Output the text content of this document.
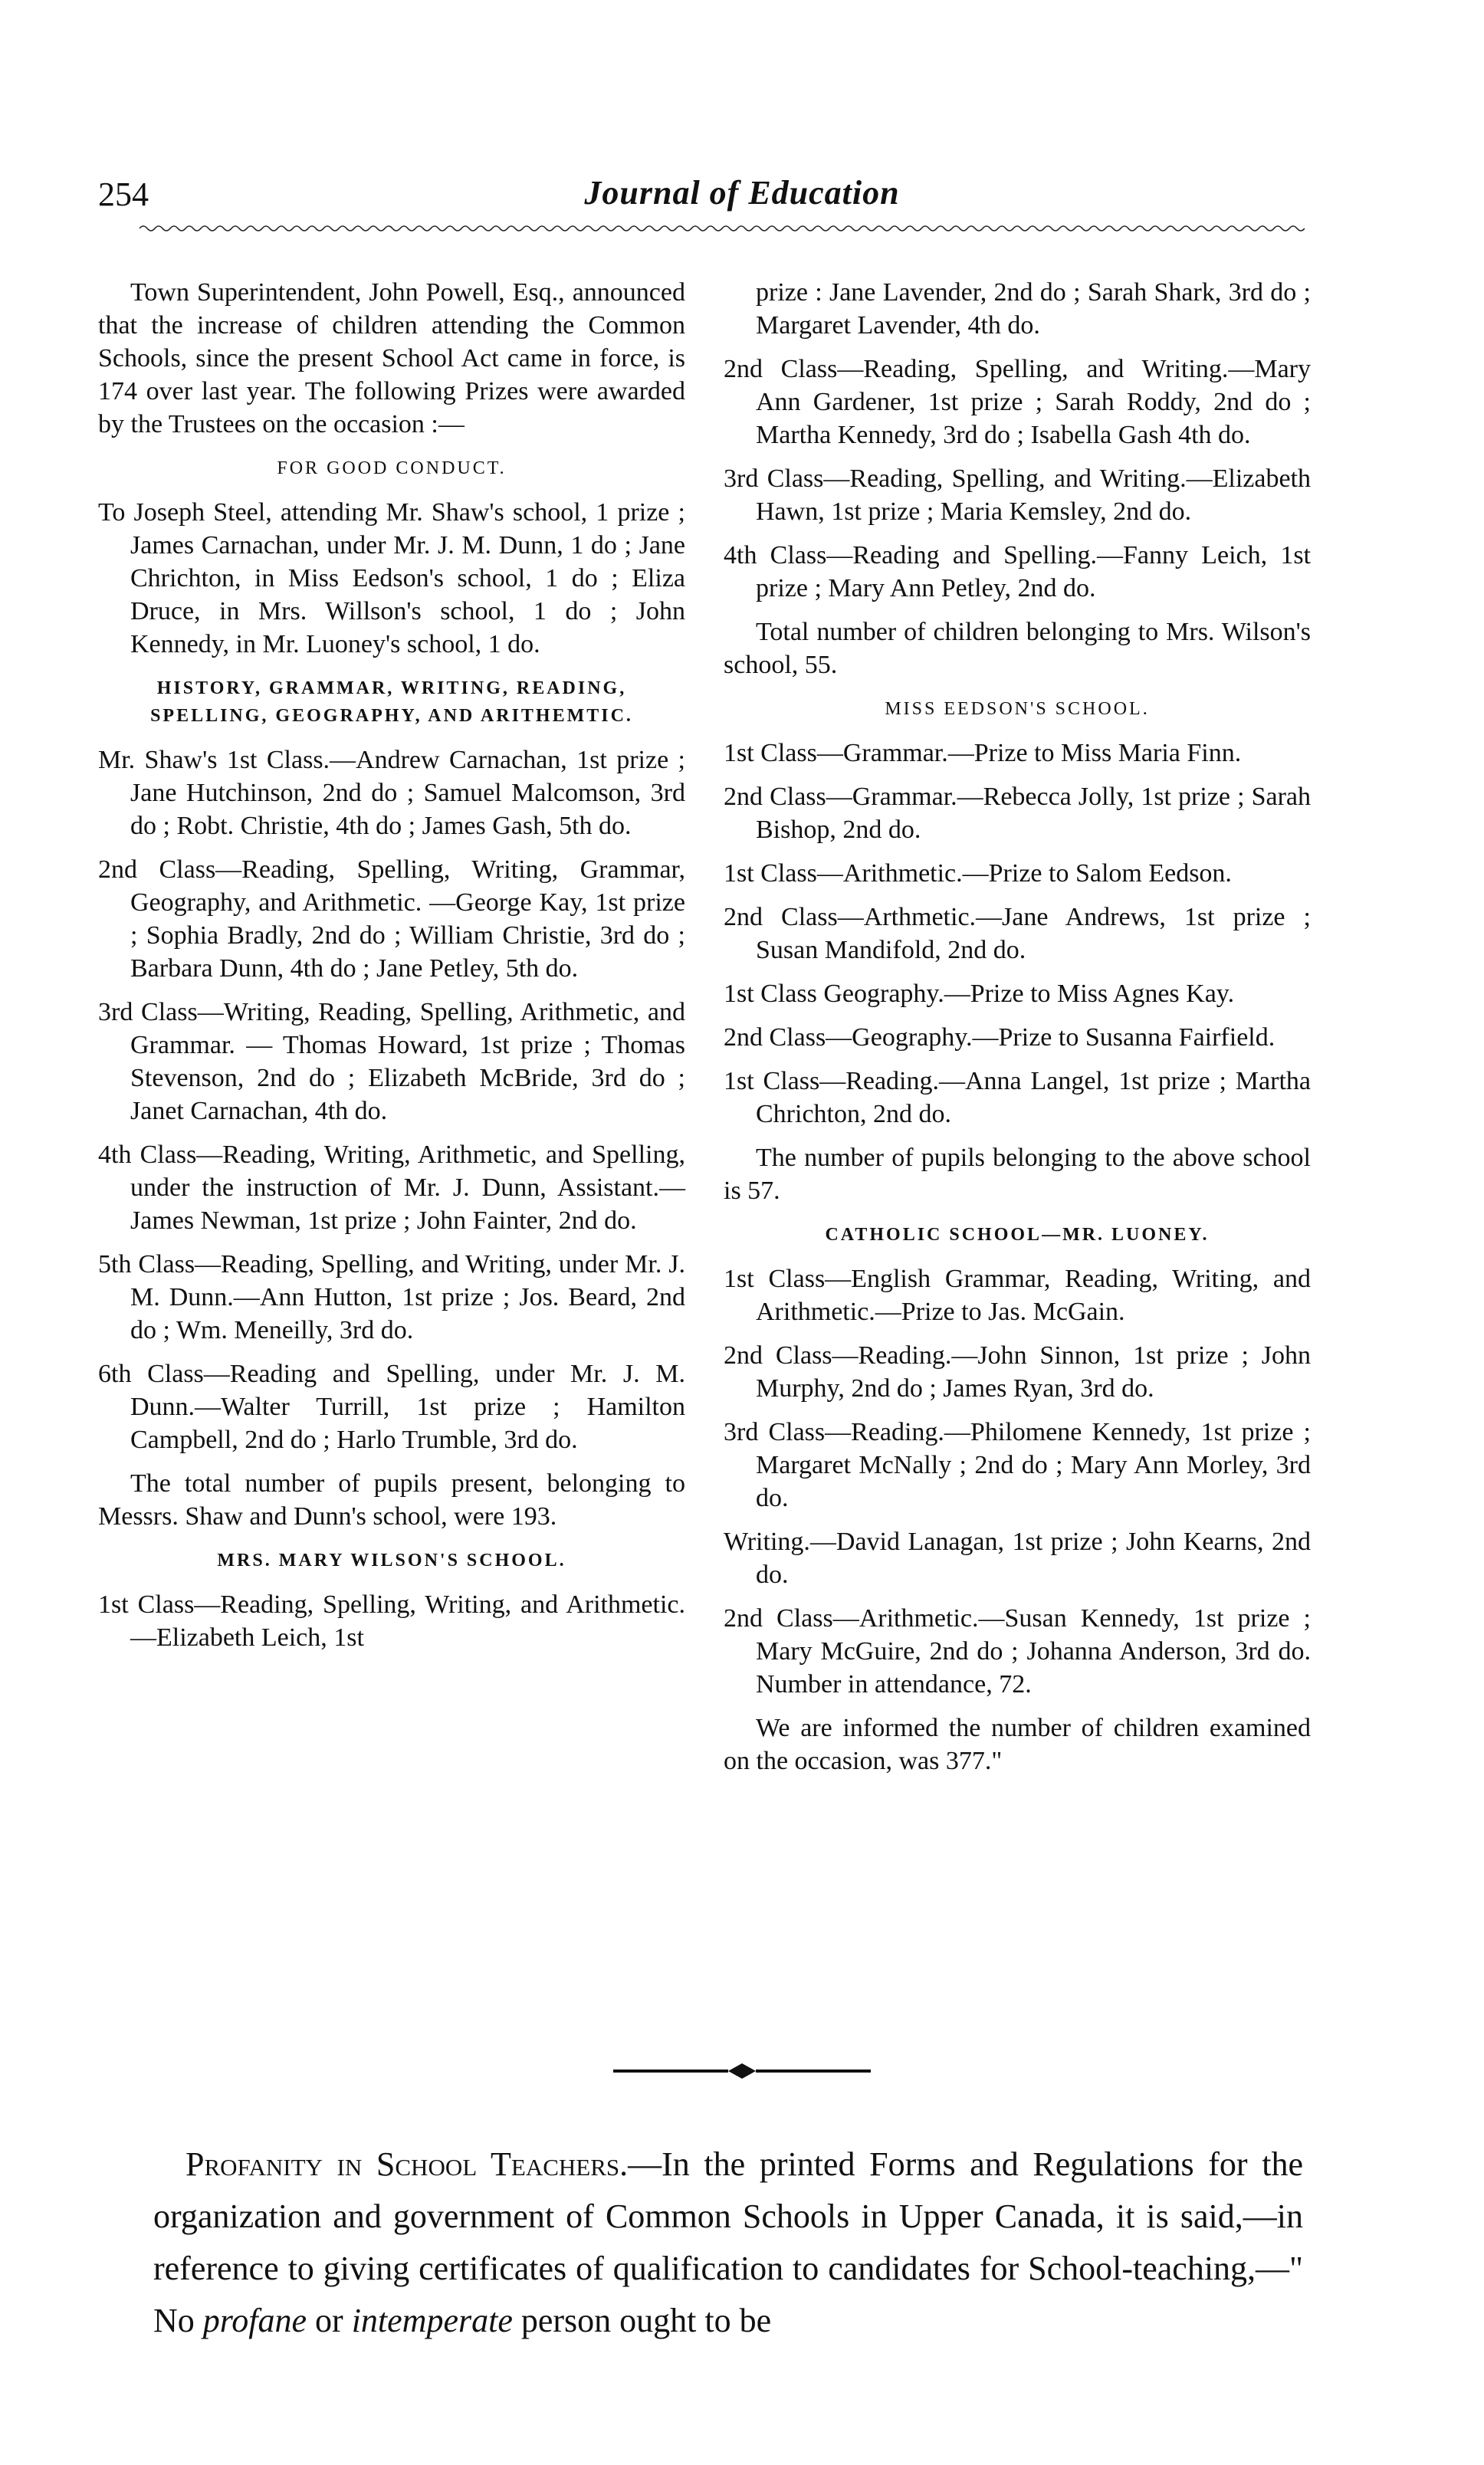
254	Journal of Education

Town Superintendent, John Powell, Esq., announced that the increase of children attending the Common Schools, since the present School Act came in force, is 174 over last year. The following Prizes were awarded by the Trustees on the occasion :—

FOR GOOD CONDUCT.

To Joseph Steel, attending Mr. Shaw's school, 1 prize ; James Carnachan, under Mr. J. M. Dunn, 1 do ; Jane Chrichton, in Miss Eedson's school, 1 do ; Eliza Druce, in Mrs. Willson's school, 1 do ; John Kennedy, in Mr. Luoney's school, 1 do.

HISTORY, GRAMMAR, WRITING, READING, SPELLING, GEOGRAPHY, AND ARITHEMTIC.

Mr. Shaw's 1st Class.—Andrew Carnachan, 1st prize ; Jane Hutchinson, 2nd do ; Samuel Malcomson, 3rd do ; Robt. Christie, 4th do ; James Gash, 5th do.

2nd Class—Reading, Spelling, Writing, Grammar, Geography, and Arithmetic. —George Kay, 1st prize ; Sophia Bradly, 2nd do ; William Christie, 3rd do ; Barbara Dunn, 4th do ; Jane Petley, 5th do.

3rd Class—Writing, Reading, Spelling, Arithmetic, and Grammar. — Thomas Howard, 1st prize ; Thomas Stevenson, 2nd do ; Elizabeth McBride, 3rd do ; Janet Carnachan, 4th do.

4th Class—Reading, Writing, Arithmetic, and Spelling, under the instruction of Mr. J. Dunn, Assistant.—James Newman, 1st prize ; John Fainter, 2nd do.

5th Class—Reading, Spelling, and Writing, under Mr. J. M. Dunn.—Ann Hutton, 1st prize ; Jos. Beard, 2nd do ; Wm. Meneilly, 3rd do.

6th Class—Reading and Spelling, under Mr. J. M. Dunn.—Walter Turrill, 1st prize ; Hamilton Campbell, 2nd do ; Harlo Trumble, 3rd do.

The total number of pupils present, belonging to Messrs. Shaw and Dunn's school, were 193.

MRS. MARY WILSON'S SCHOOL.

1st Class—Reading, Spelling, Writing, and Arithmetic.—Elizabeth Leich, 1st

prize : Jane Lavender, 2nd do ; Sarah Shark, 3rd do ; Margaret Lavender, 4th do.

2nd Class—Reading, Spelling, and Writing.—Mary Ann Gardener, 1st prize ; Sarah Roddy, 2nd do ; Martha Kennedy, 3rd do ; Isabella Gash 4th do.

3rd Class—Reading, Spelling, and Writing.—Elizabeth Hawn, 1st prize ; Maria Kemsley, 2nd do.

4th Class—Reading and Spelling.—Fanny Leich, 1st prize ; Mary Ann Petley, 2nd do.

Total number of children belonging to Mrs. Wilson's school, 55.

MISS EEDSON'S SCHOOL.

1st Class—Grammar.—Prize to Miss Maria Finn.

2nd Class—Grammar.—Rebecca Jolly, 1st prize ; Sarah Bishop, 2nd do.

1st Class—Arithmetic.—Prize to Salom Eedson.

2nd Class—Arthmetic.—Jane Andrews, 1st prize ; Susan Mandifold, 2nd do.

1st Class Geography.—Prize to Miss Agnes Kay.

2nd Class—Geography.—Prize to Susanna Fairfield.

1st Class—Reading.—Anna Langel, 1st prize ; Martha Chrichton, 2nd do.

The number of pupils belonging to the above school is 57.

CATHOLIC SCHOOL—MR. LUONEY.

1st Class—English Grammar, Reading, Writing, and Arithmetic.—Prize to Jas. McGain.

2nd Class—Reading.—John Sinnon, 1st prize ; John Murphy, 2nd do ; James Ryan, 3rd do.

3rd Class—Reading.—Philomene Kennedy, 1st prize ; Margaret McNally ; 2nd do ; Mary Ann Morley, 3rd do.

Writing.—David Lanagan, 1st prize ; John Kearns, 2nd do.

2nd Class—Arithmetic.—Susan Kennedy, 1st prize ; Mary McGuire, 2nd do ; Johanna Anderson, 3rd do. Number in attendance, 72.

We are informed the number of children examined on the occasion, was 377."

Profanity in School Teachers.—In the printed Forms and Regulations for the organization and government of Common Schools in Upper Canada, it is said,—in reference to giving certificates of qualification to candidates for School-teaching,—" No profane or intemperate person ought to be
